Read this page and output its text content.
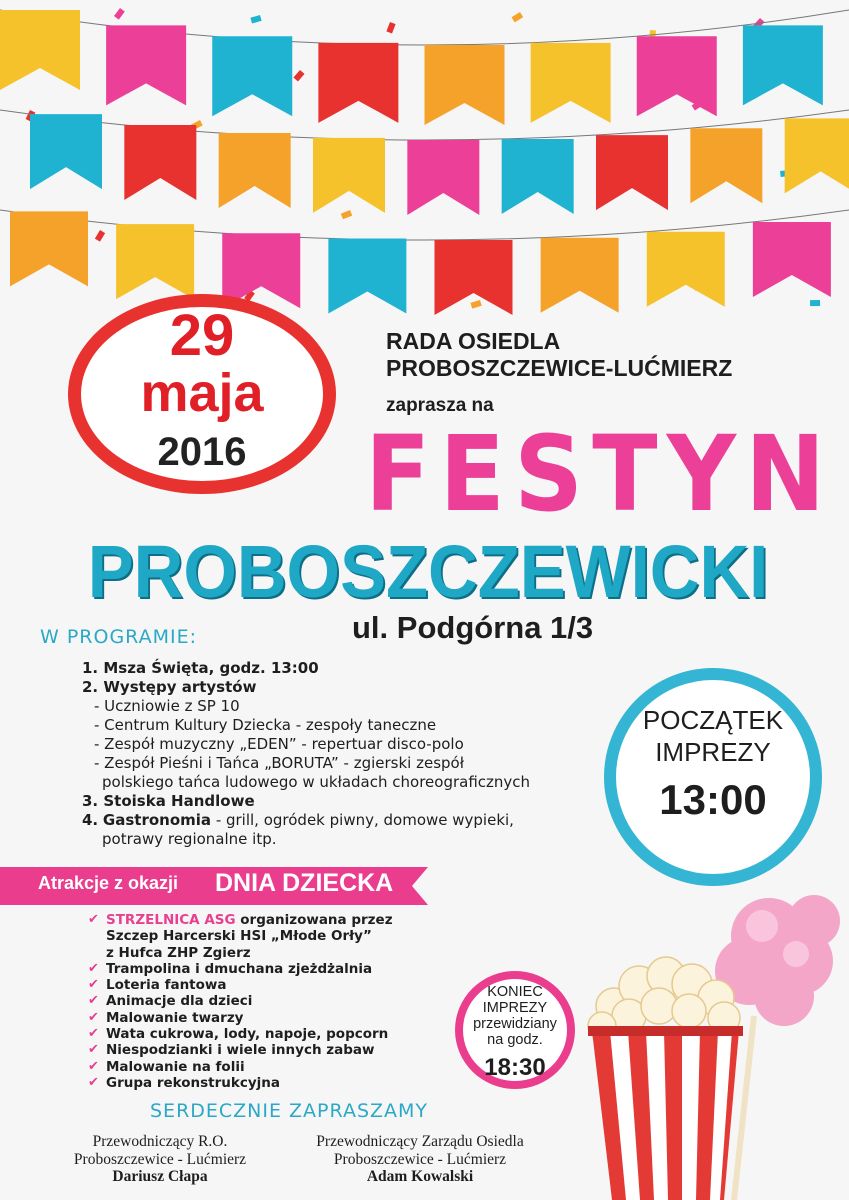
29
maja
2016
RADA OSIEDLA
PROBOSZCZEWICE-LUĆMIERZ
zaprasza na
FESTYN
PROBOSZCZEWICKI
ul. Podgórna 1/3
W PROGRAMIE:
1. Msza Święta, godz. 13:00
2. Występy artystów
- Uczniowie z SP 10
- Centrum Kultury Dziecka - zespoły taneczne
- Zespół muzyczny „EDEN” - repertuar disco-polo
- Zespół Pieśni i Tańca „BORUTA” - zgierski zespół
polskiego tańca ludowego w układach choreograficznych
3. Stoiska Handlowe
4. Gastronomia - grill, ogródek piwny, domowe wypieki,
potrawy regionalne itp.
POCZĄTEK
IMPREZY
13:00
Atrakcje z okazji DNIA DZIECKA
✔ STRZELNICA ASG organizowana przez
Szczep Harcerski HSI „Młode Orły”
z Hufca ZHP Zgierz
✔ Trampolina i dmuchana zjeżdżalnia
✔ Loteria fantowa
✔ Animacje dla dzieci
✔ Malowanie twarzy
✔ Wata cukrowa, lody, napoje, popcorn
✔ Niespodzianki i wiele innych zabaw
✔ Malowanie na folii
✔ Grupa rekonstrukcyjna
KONIEC
IMPREZY
przewidziany
na godz.
18:30
SERDECZNIE ZAPRASZAMY
Przewodniczący R.O.
Proboszczewice - Lućmierz
Dariusz Cłapa
Przewodniczący Zarządu Osiedla
Proboszczewice - Lućmierz
Adam Kowalski
